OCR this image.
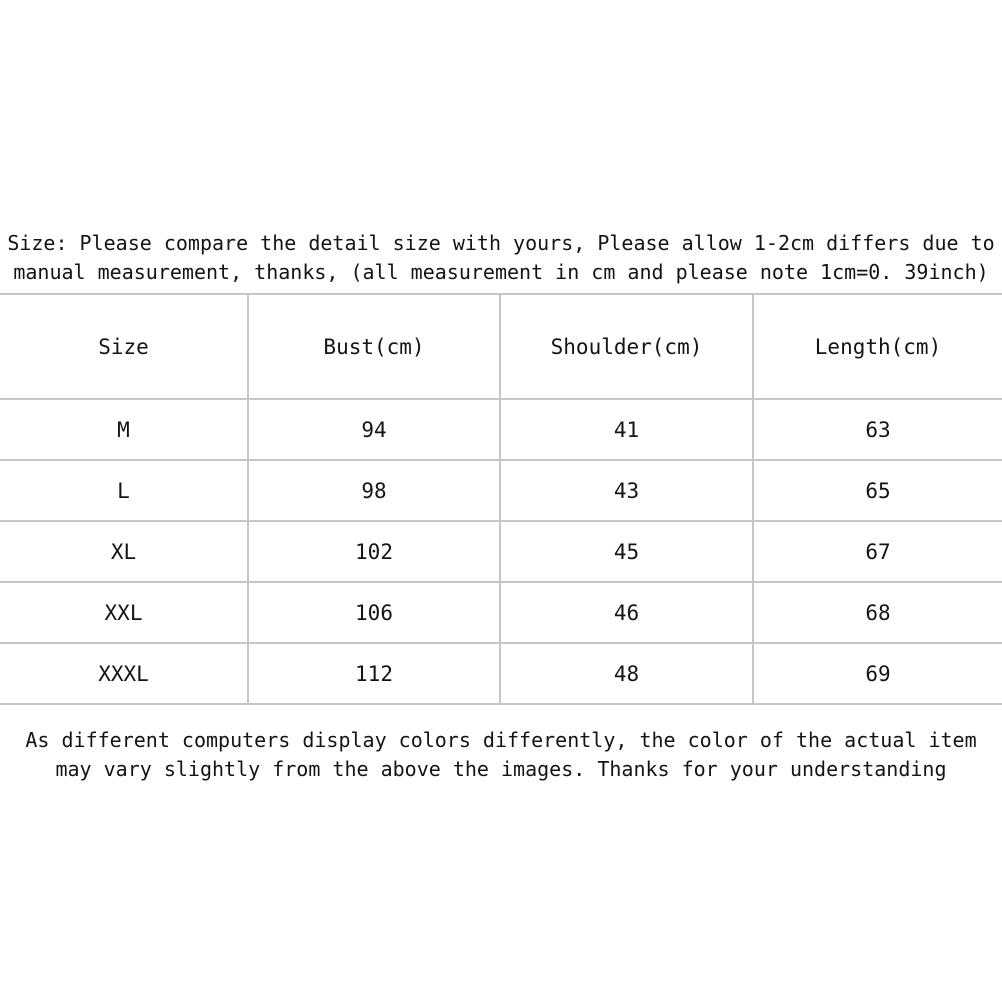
Size: Please compare the detail size with yours, Please allow 1-2cm differs due to
manual measurement, thanks, (all measurement in cm and please note 1cm=0. 39inch)
Size	Bust(cm)	Shoulder(cm)	Length(cm)
M	94	41	63
L	98	43	65
XL	102	45	67
XXL	106	46	68
XXXL	112	48	69
As different computers display colors differently, the color of the actual item
may vary slightly from the above the images. Thanks for your understanding
